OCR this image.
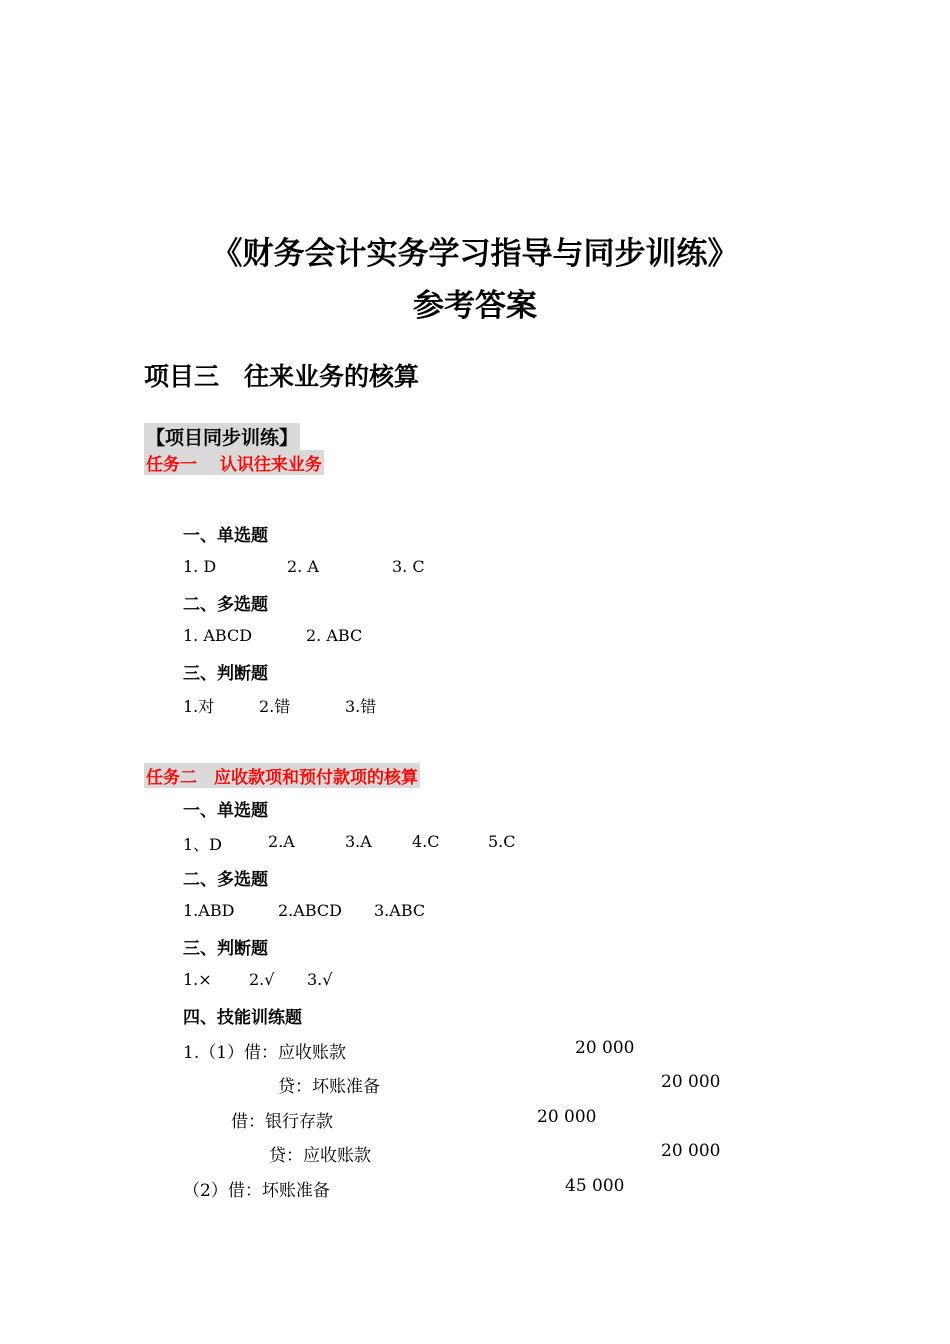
《财务会计实务学习指导与同步训练》
参考答案
项目三　往来业务的核算
【项目同步训练】
任务一　 认识往来业务
一、单选题
1. D	2. A	3. C
二、多选题
1. ABCD	2. ABC
三、判断题
1.对	2.错	3.错
任务二　应收款项和预付款项的核算
一、单选题
1、D	2.A	3.A	4.C	5.C
二、多选题
1.ABD	2.ABCD 3.ABC
三、判断题
1.× 2.√ 3.√
四、技能训练题
1.（1）借：应收账款	20 000
贷：坏账准备	20 000
借：银行存款	20 000
贷：应收账款	20 000
（2）借：坏账准备	45 000
